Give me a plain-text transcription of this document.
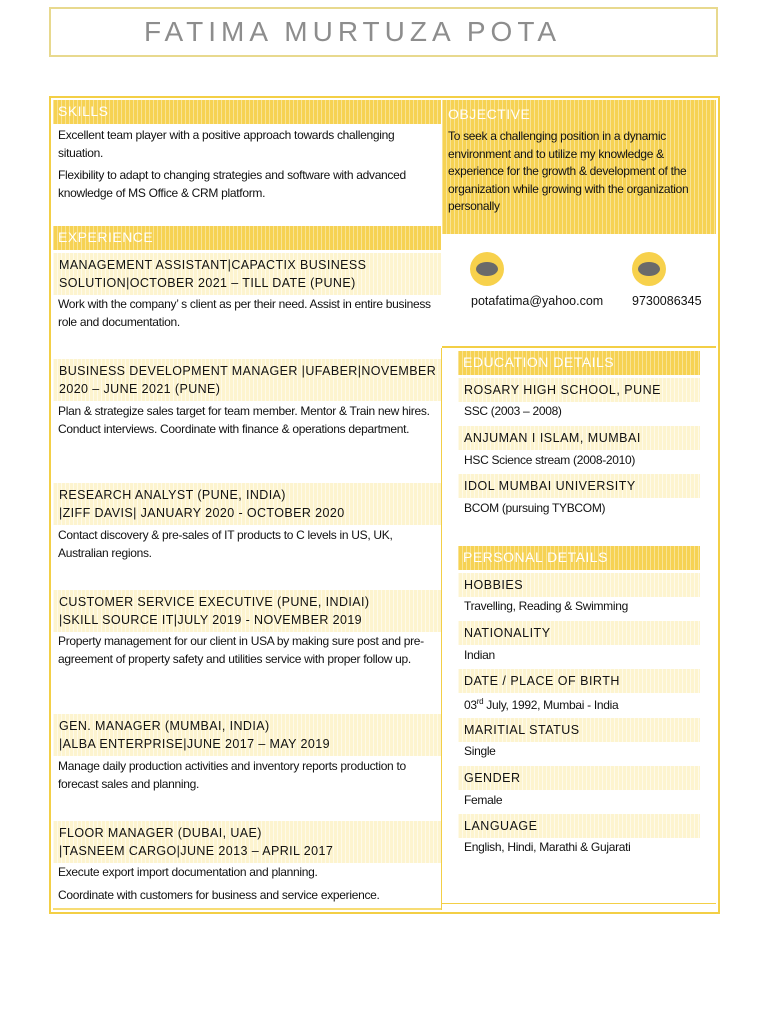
FATIMA MURTUZA POTA
SKILLS
Excellent team player with a positive approach towards challenging situation.
Flexibility to adapt to changing strategies and software with advanced knowledge of MS Office & CRM platform.
OBJECTIVE
To seek a challenging position in a dynamic environment and to utilize my knowledge & experience for the growth & development of the organization while growing with the organization personally
potafatima@yahoo.com	9730086345
EXPERIENCE
MANAGEMENT ASSISTANT|CAPACTIX BUSINESS
SOLUTION|OCTOBER 2021 – TILL DATE (PUNE)
Work with the company’ s client as per their need. Assist in entire business role and documentation.
BUSINESS DEVELOPMENT MANAGER |UFABER|NOVEMBER
2020 – JUNE 2021 (PUNE)
Plan & strategize sales target for team member. Mentor & Train new hires. Conduct interviews. Coordinate with finance & operations department.
RESEARCH ANALYST (PUNE, INDIA)
|ZIFF DAVIS| JANUARY 2020 - OCTOBER 2020
Contact discovery & pre-sales of IT products to C levels in US, UK, Australian regions.
CUSTOMER SERVICE EXECUTIVE (PUNE, INDIAI)
|SKILL SOURCE IT|JULY 2019 - NOVEMBER 2019
Property management for our client in USA by making sure post and pre-agreement of property safety and utilities service with proper follow up.
GEN. MANAGER (MUMBAI, INDIA)
|ALBA ENTERPRISE|JUNE 2017 – MAY 2019
Manage daily production activities and inventory reports production to forecast sales and planning.
FLOOR MANAGER (DUBAI, UAE)
|TASNEEM CARGO|JUNE 2013 – APRIL 2017
Execute export import documentation and planning.
Coordinate with customers for business and service experience.
EDUCATION DETAILS
ROSARY HIGH SCHOOL, PUNE
SSC (2003 – 2008)
ANJUMAN I ISLAM, MUMBAI
HSC Science stream (2008-2010)
IDOL MUMBAI UNIVERSITY
BCOM (pursuing TYBCOM)
PERSONAL DETAILS
HOBBIES
Travelling, Reading & Swimming
NATIONALITY
Indian
DATE / PLACE OF BIRTH
03rd July, 1992, Mumbai - India
MARITIAL STATUS
Single
GENDER
Female
LANGUAGE
English, Hindi, Marathi & Gujarati
